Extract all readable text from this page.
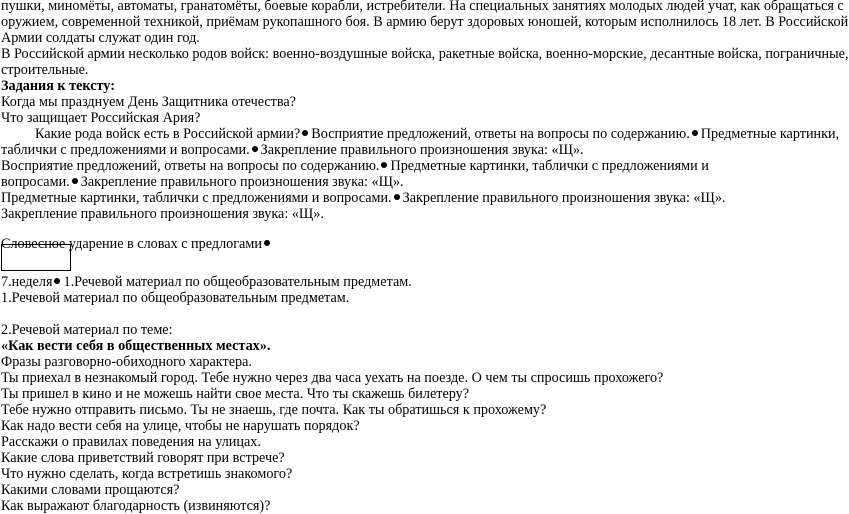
пушки, минoмёты, автоматы, гранатомёты, боевые корабли, истребители. На специальных занятиях молодых людей учат, как обращаться с
оружием, современной техникой, приёмам рукопашного боя. В армию берут здоровых юношей, которым исполнилось 18 лет. В Российской
Армии солдаты служат один год.
В Российской армии несколько родов войск: военно-воздушные войска, ракетные войска, военно-морские, десантные войска, пограничные,
строительные.
Задания к тексту:
Когда мы празднуем День Защитника отечества?
Что защищает Российская Ария?
Какие рода войск есть в Российской армии? Восприятие предложений, ответы на вопросы по содержанию. Предметные картинки,
таблички с предложениями и вопросами. Закрепление правильного произношения звука: «Щ».
Восприятие предложений, ответы на вопросы по содержанию. Предметные картинки, таблички с предложениями и
вопросами. Закрепление правильного произношения звука: «Щ».
Предметные картинки, таблички с предложениями и вопросами. Закрепление правильного произношения звука: «Щ».
Закрепление правильного произношения звука: «Щ».
Словесное ударение в словах с предлогами
7.неделя 1.Речевой материал по общеобразовательным предметам.
1.Речевой материал по общеобразовательным предметам.
2.Речевой материал по теме:
«Как вести себя в общественных местах».
Фразы разговорно-обиходного характера.
Ты приехал в незнакомый город. Тебе нужно через два часа уехать на поезде. О чем ты спросишь прохожего?
Ты пришел в кино и не можешь найти свое места. Что ты скажешь билетеру?
Тебе нужно отправить письмо. Ты не знаешь, где почта. Как ты обратишься к прохожему?
Как надо вести себя на улице, чтобы не нарушать порядок?
Расскажи о правилах поведения на улицах.
Какие слова приветствий говорят при встрече?
Что нужно сделать, когда встретишь знакомого?
Какими словами прощаются?
Как выражают благодарность (извиняются)?
